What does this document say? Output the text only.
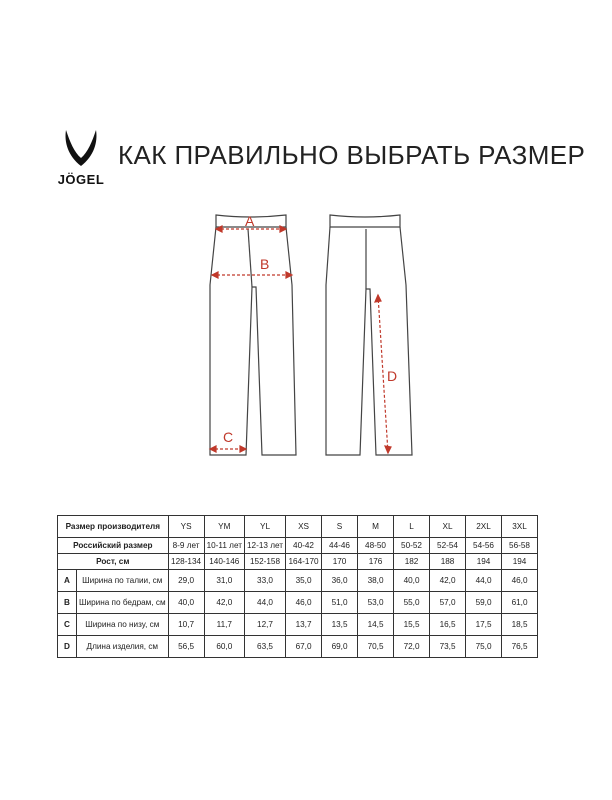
JÖGEL
КАК ПРАВИЛЬНО ВЫБРАТЬ РАЗМЕР
A
B
C
D
Размер производителя		YS	YM	YL	XS	S	M	L	XL	2XL	3XL
Российский размер		8-9 лет	10-11 лет	12-13 лет	40-42	44-46	48-50	50-52	52-54	54-56	56-58
Рост, см		128-134	140-146	152-158	164-170	170	176	182	188	194	194
A	Ширина по талии, см	29,0	31,0	33,0	35,0	36,0	38,0	40,0	42,0	44,0	46,0
B	Ширина по бедрам, см	40,0	42,0	44,0	46,0	51,0	53,0	55,0	57,0	59,0	61,0
C	Ширина по низу, см	10,7	11,7	12,7	13,7	13,5	14,5	15,5	16,5	17,5	18,5
D	Длина изделия, см	56,5	60,0	63,5	67,0	69,0	70,5	72,0	73,5	75,0	76,5
